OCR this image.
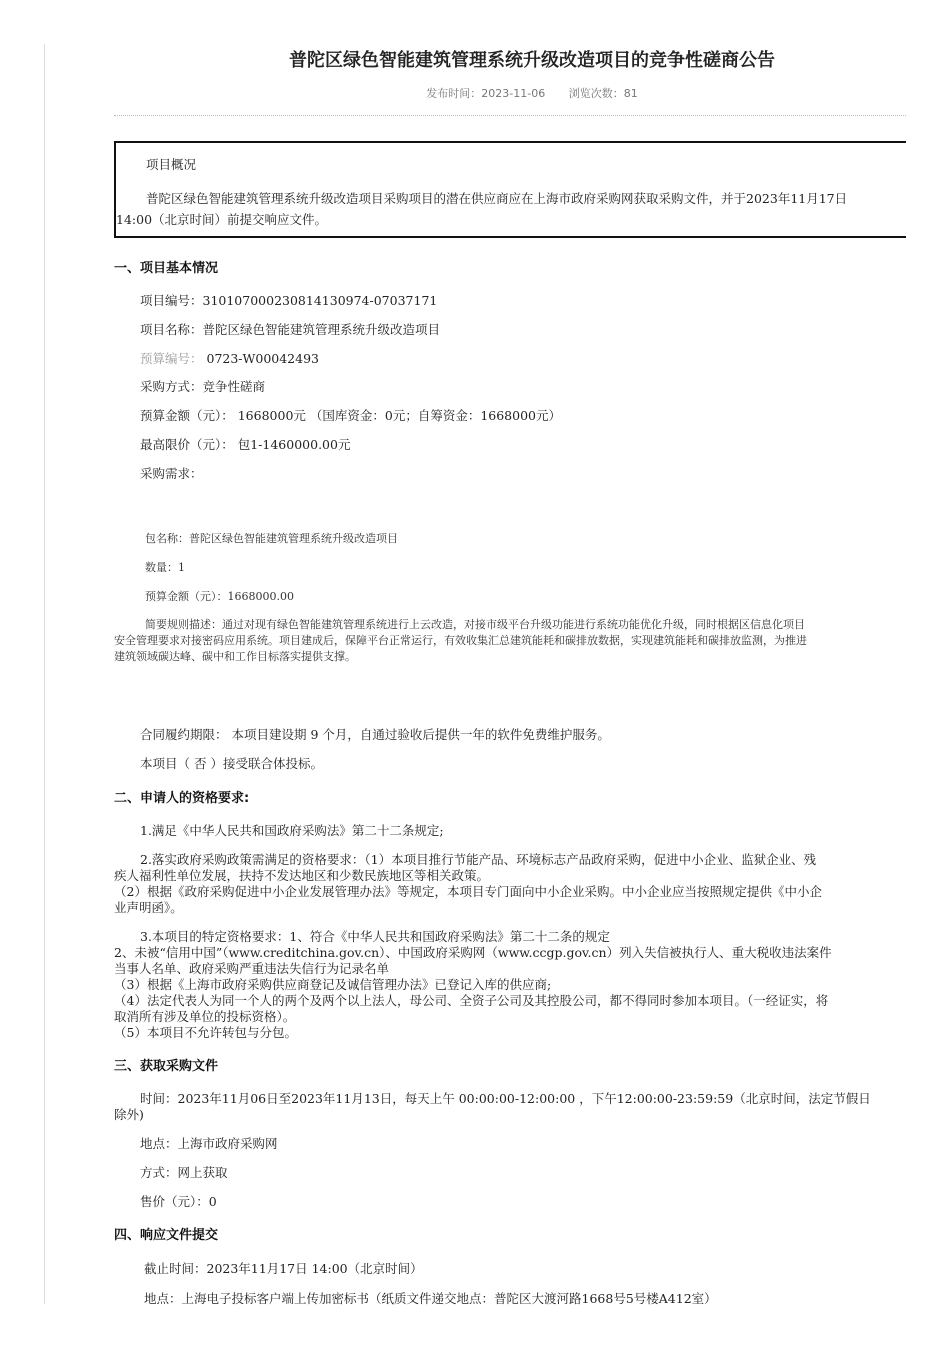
普陀区绿色智能建筑管理系统升级改造项目的竞争性磋商公告
发布时间：2023-11-06 浏览次数：81
项目概况
普陀区绿色智能建筑管理系统升级改造项目采购项目的潜在供应商应在上海市政府采购网获取采购文件，并于2023年11月17日
14:00（北京时间）前提交响应文件。
一、项目基本情况
项目编号：310107000230814130974-07037171
项目名称：普陀区绿色智能建筑管理系统升级改造项目
预算编号： 0723-W00042493
采购方式：竞争性磋商
预算金额（元）： 1668000元 （国库资金：0元；自筹资金：1668000元）
最高限价（元）： 包1-1460000.00元
采购需求：
包名称：普陀区绿色智能建筑管理系统升级改造项目
数量：1
预算金额（元）：1668000.00
简要规则描述：通过对现有绿色智能建筑管理系统进行上云改造，对接市级平台升级功能进行系统功能优化升级，同时根据区信息化项目
安全管理要求对接密码应用系统。项目建成后，保障平台正常运行，有效收集汇总建筑能耗和碳排放数据，实现建筑能耗和碳排放监测，为推进
建筑领域碳达峰、碳中和工作目标落实提供支撑。
合同履约期限： 本项目建设期 9 个月，自通过验收后提供一年的软件免费维护服务。
本项目（ 否 ）接受联合体投标。
二、申请人的资格要求:
1.满足《中华人民共和国政府采购法》第二十二条规定;
2.落实政府采购政策需满足的资格要求：（1）本项目推行节能产品、环境标志产品政府采购，促进中小企业、监狱企业、残
疾人福利性单位发展，扶持不发达地区和少数民族地区等相关政策。
（2）根据《政府采购促进中小企业发展管理办法》等规定，本项目专门面向中小企业采购。中小企业应当按照规定提供《中小企
业声明函》。
3.本项目的特定资格要求：1、符合《中华人民共和国政府采购法》第二十二条的规定
2、未被“信用中国”（www.creditchina.gov.cn）、中国政府采购网（www.ccgp.gov.cn）列入失信被执行人、重大税收违法案件
当事人名单、政府采购严重违法失信行为记录名单
（3）根据《上海市政府采购供应商登记及诚信管理办法》已登记入库的供应商;
（4）法定代表人为同一个人的两个及两个以上法人，母公司、全资子公司及其控股公司，都不得同时参加本项目。（一经证实，将
取消所有涉及单位的投标资格）。
（5）本项目不允许转包与分包。
三、获取采购文件
时间：2023年11月06日至2023年11月13日，每天上午 00:00:00-12:00:00 ，下午12:00:00-23:59:59（北京时间，法定节假日
除外)
地点：上海市政府采购网
方式：网上获取
售价（元）：0
四、响应文件提交
截止时间：2023年11月17日 14:00（北京时间）
地点：上海电子投标客户端上传加密标书（纸质文件递交地点：普陀区大渡河路1668号5号楼A412室）
